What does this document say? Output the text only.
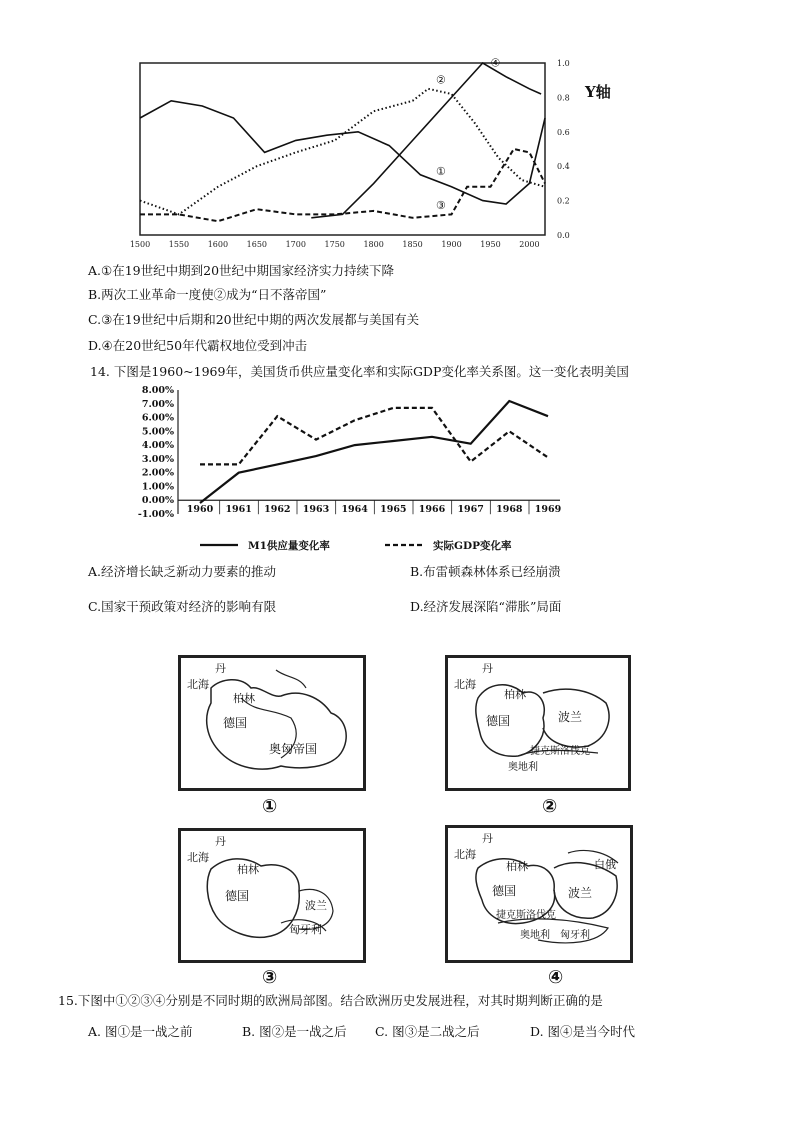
1500 1550 1600 1650 1700 1750 1800 1850 1900 1950 2000
0.0
0.2
0.4
0.6
0.8
1.0
Y轴
①
②
③
④
A.①在19世纪中期到20世纪中期国家经济实力持续下降
B.两次工业革命一度使②成为“日不落帝国”
C.③在19世纪中后期和20世纪中期的两次发展都与美国有关
D.④在20世纪50年代霸权地位受到冲击
14. 下图是1960~1969年，美国货币供应量变化率和实际GDP变化率关系图。这一变化表明美国
8.00%
7.00%
6.00%
5.00%
4.00%
3.00%
2.00%
1.00%
0.00%
-1.00% 1960 1961 1962 1963 1964 1965 1966 1967 1968 1969
M1供应量变化率	实际GDP变化率
A.经济增长缺乏新动力要素的推动	B.布雷顿森林体系已经崩溃
C.国家干预政策对经济的影响有限	D.经济发展深陷“滞胀”局面
丹
北海
柏林
德国
奥匈帝国
①
丹
北海
柏林
德国	波兰
捷克斯洛伐克
奥地利
②
丹
北海
柏林
德国
波兰
匈牙利
③
丹
北海
柏林
德国
白俄
波兰
捷克斯洛伐克
奥地利 匈牙利
④
15.下图中①②③④分别是不同时期的欧洲局部图。结合欧洲历史发展进程，对其时期判断正确的是
A. 图①是一战之前	B. 图②是一战之后 C. 图③是二战之后	D. 图④是当今时代
